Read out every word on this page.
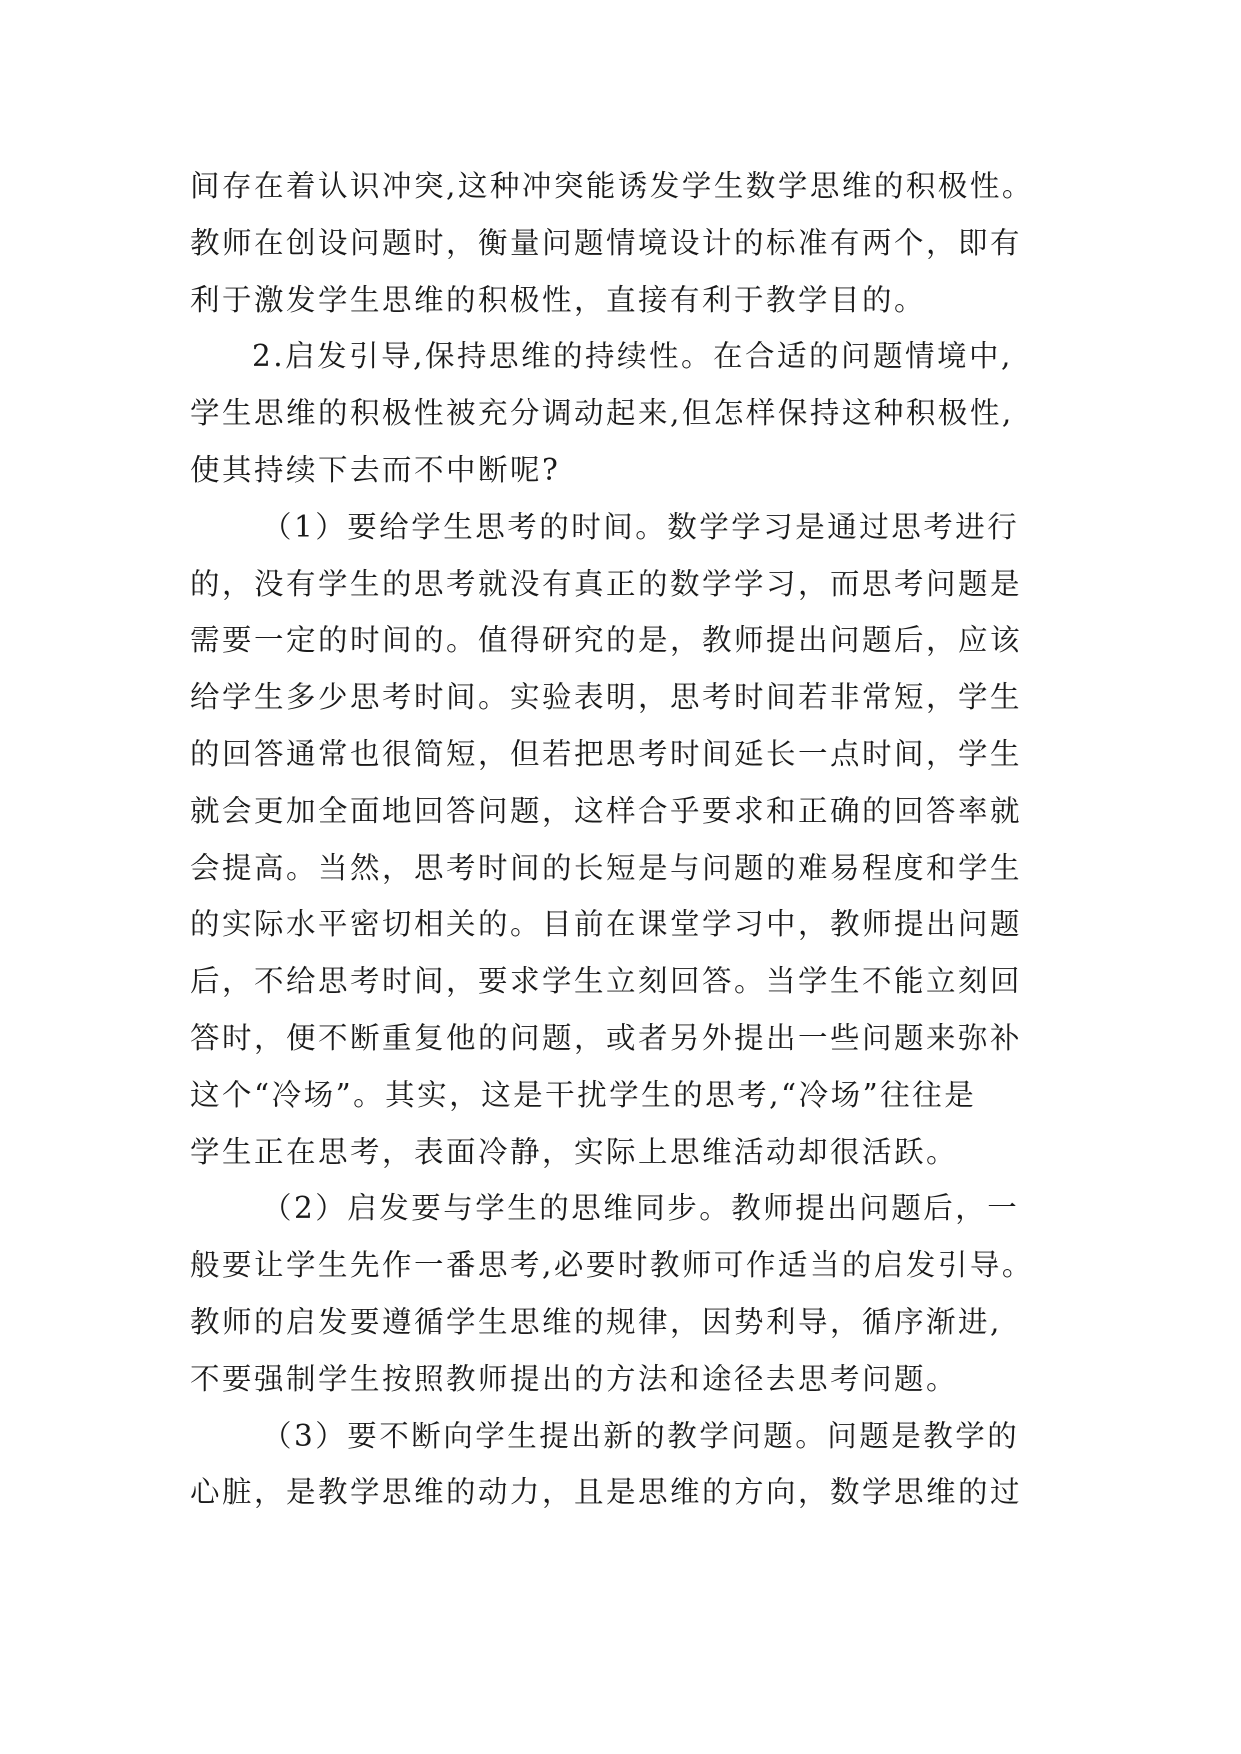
间存在着认识冲突,这种冲突能诱发学生数学思维的积极性。
教师在创设问题时，衡量问题情境设计的标准有两个，即有
利于激发学生思维的积极性，直接有利于教学目的。
2.启发引导,保持思维的持续性。在合适的问题情境中,
学生思维的积极性被充分调动起来,但怎样保持这种积极性,
使其持续下去而不中断呢?
（1）要给学生思考的时间。数学学习是通过思考进行
的，没有学生的思考就没有真正的数学学习，而思考问题是
需要一定的时间的。值得研究的是，教师提出问题后，应该
给学生多少思考时间。实验表明，思考时间若非常短，学生
的回答通常也很简短，但若把思考时间延长一点时间，学生
就会更加全面地回答问题，这样合乎要求和正确的回答率就
会提高。当然，思考时间的长短是与问题的难易程度和学生
的实际水平密切相关的。目前在课堂学习中，教师提出问题
后，不给思考时间，要求学生立刻回答。当学生不能立刻回
答时，便不断重复他的问题，或者另外提出一些问题来弥补
这个“冷场”。其实，这是干扰学生的思考,“冷场”往往是
学生正在思考，表面冷静，实际上思维活动却很活跃。
（2）启发要与学生的思维同步。教师提出问题后，一
般要让学生先作一番思考,必要时教师可作适当的启发引导。
教师的启发要遵循学生思维的规律，因势利导，循序渐进,
不要强制学生按照教师提出的方法和途径去思考问题。
（3）要不断向学生提出新的教学问题。问题是教学的
心脏，是教学思维的动力，且是思维的方向，数学思维的过
